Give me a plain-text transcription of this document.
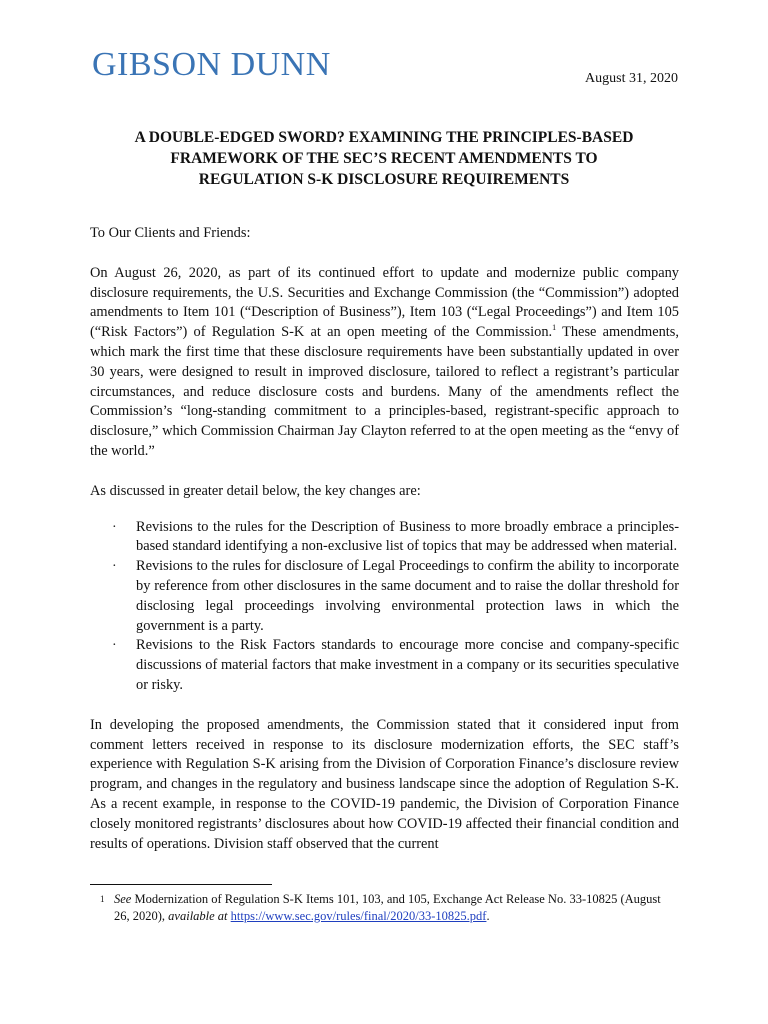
GIBSON DUNN	August 31, 2020
A DOUBLE-EDGED SWORD? EXAMINING THE PRINCIPLES-BASED
FRAMEWORK OF THE SEC’S RECENT AMENDMENTS TO
REGULATION S-K DISCLOSURE REQUIREMENTS

To Our Clients and Friends:

On August 26, 2020, as part of its continued effort to update and modernize public company disclosure requirements, the U.S. Securities and Exchange Commission (the “Commission”) adopted amendments to Item 101 (“Description of Business”), Item 103 (“Legal Proceedings”) and Item 105 (“Risk Factors”) of Regulation S-K at an open meeting of the Commission.$^1$ These amendments, which mark the first time that these disclosure requirements have been substantially updated in over 30 years, were designed to result in improved disclosure, tailored to reflect a registrant’s particular circumstances, and reduce disclosure costs and burdens. Many of the amendments reflect the Commission’s “long-standing commitment to a principles-based, registrant-specific approach to disclosure,” which Commission Chairman Jay Clayton referred to at the open meeting as the “envy of the world.”

As discussed in greater detail below, the key changes are:

· Revisions to the rules for the Description of Business to more broadly embrace a principles-based standard identifying a non-exclusive list of topics that may be addressed when material.
· Revisions to the rules for disclosure of Legal Proceedings to confirm the ability to incorporate by reference from other disclosures in the same document and to raise the dollar threshold for disclosing legal proceedings involving environmental protection laws in which the government is a party.
· Revisions to the Risk Factors standards to encourage more concise and company-specific discussions of material factors that make investment in a company or its securities speculative or risky.

In developing the proposed amendments, the Commission stated that it considered input from comment letters received in response to its disclosure modernization efforts, the SEC staff’s experience with Regulation S-K arising from the Division of Corporation Finance’s disclosure review program, and changes in the regulatory and business landscape since the adoption of Regulation S-K. As a recent example, in response to the COVID-19 pandemic, the Division of Corporation Finance closely monitored registrants’ disclosures about how COVID-19 affected their financial condition and results of operations. Division staff observed that the current

1 See Modernization of Regulation S-K Items 101, 103, and 105, Exchange Act Release No. 33-10825 (August 26, 2020), available at https://www.sec.gov/rules/final/2020/33-10825.pdf.
